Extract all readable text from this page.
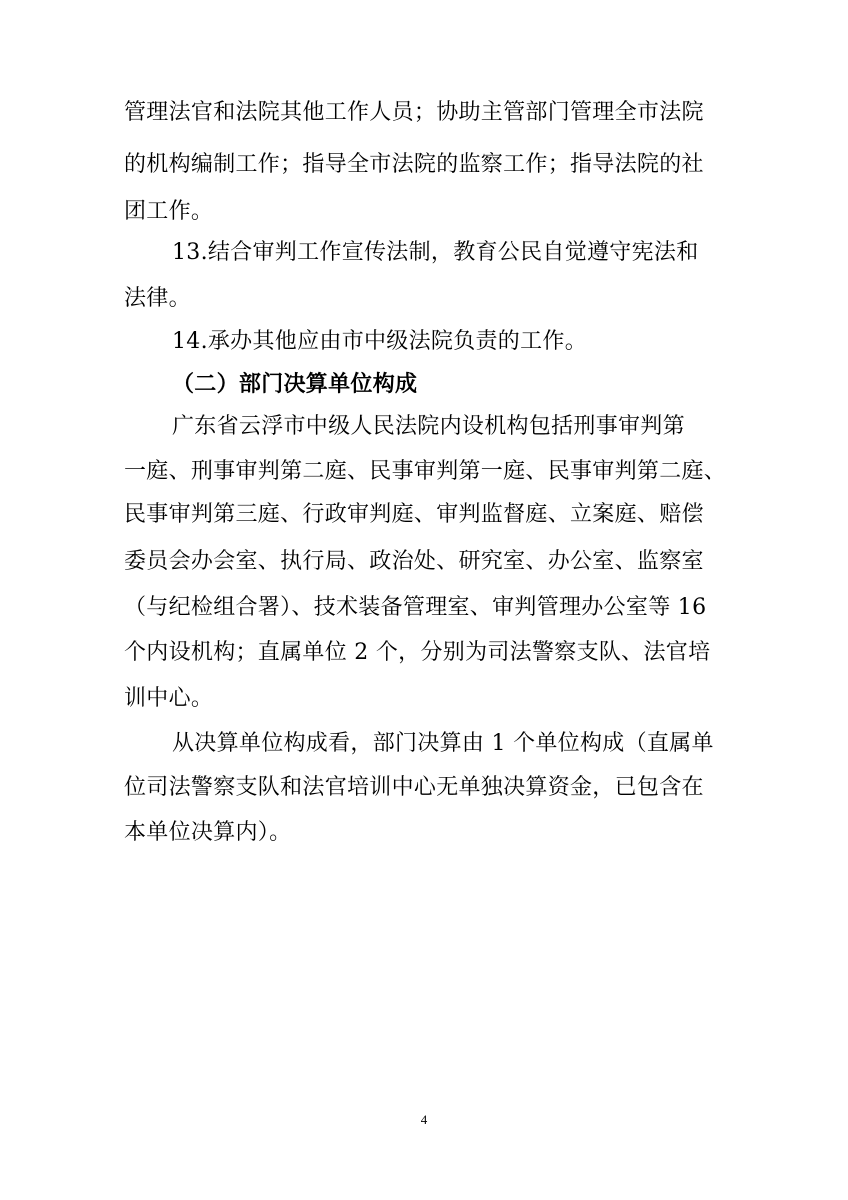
管理法官和法院其他工作人员；协助主管部门管理全市法院
的机构编制工作；指导全市法院的监察工作；指导法院的社
团工作。
13.结合审判工作宣传法制，教育公民自觉遵守宪法和
法律。
14.承办其他应由市中级法院负责的工作。
（二）部门决算单位构成
广东省云浮市中级人民法院内设机构包括刑事审判第
一庭、刑事审判第二庭、民事审判第一庭、民事审判第二庭、
民事审判第三庭、行政审判庭、审判监督庭、立案庭、赔偿
委员会办会室、执行局、政治处、研究室、办公室、监察室
（与纪检组合署）、技术装备管理室、审判管理办公室等 16
个内设机构；直属单位 2 个，分别为司法警察支队、法官培
训中心。
从决算单位构成看，部门决算由 1 个单位构成（直属单
位司法警察支队和法官培训中心无单独决算资金，已包含在
本单位决算内）。
4
